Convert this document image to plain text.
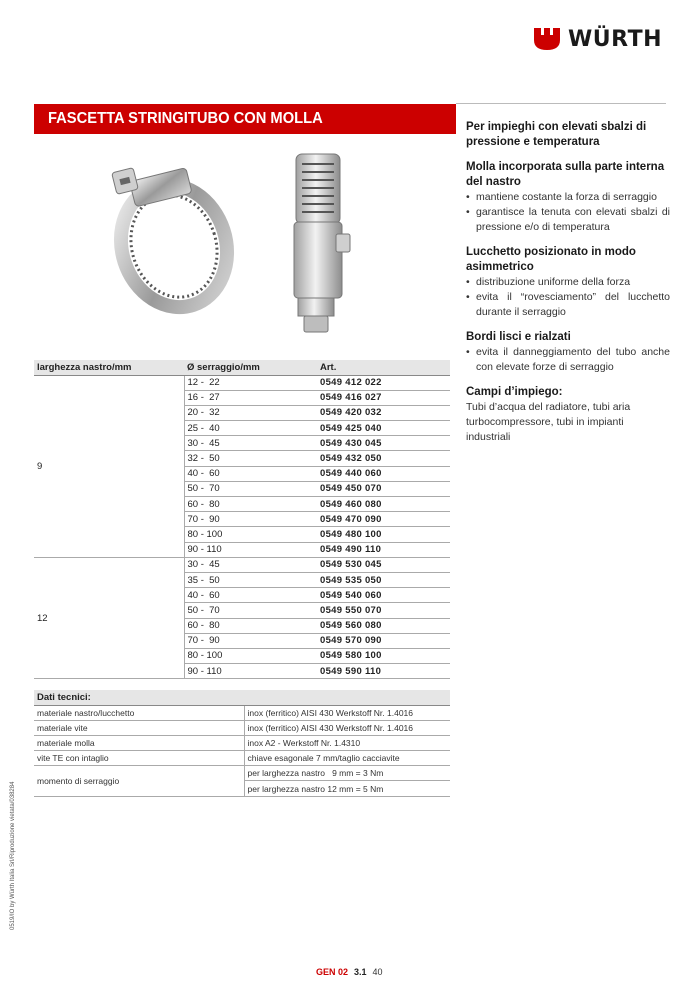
WÜRTH
FASCETTA STRINGITUBO CON MOLLA	Per impieghi con elevati sbalzi di pressione e temperatura
Molla incorporata sulla parte interna del nastro
• mantiene costante la forza di serraggio
• garantisce la tenuta con elevati sbalzi di pressione e/o di temperatura
Lucchetto posizionato in modo asimmetrico
• distribuzione uniforme della forza
• evita il “rovesciamento” del lucchetto durante il serraggio
Bordi lisci e rialzati
• evita il danneggiamento del tubo anche con elevate forze di serraggio
Campi d’impiego:
Tubi d’acqua del radiatore, tubi aria turbocompressore, tubi in impianti industriali
larghezza nastro/mm	Ø serraggio/mm	Art.
9	12 -  22	0549 412 022
	16 -  27	0549 416 027
	20 -  32	0549 420 032
	25 -  40	0549 425 040
	30 -  45	0549 430 045
	32 -  50	0549 432 050
	40 -  60	0549 440 060
	50 -  70	0549 450 070
	60 -  80	0549 460 080
	70 -  90	0549 470 090
	80 - 100	0549 480 100
	90 - 110	0549 490 110
12	30 -  45	0549 530 045
	35 -  50	0549 535 050
	40 -  60	0549 540 060
	50 -  70	0549 550 070
	60 -  80	0549 560 080
	70 -  90	0549 570 090
	80 - 100	0549 580 100
	90 - 110	0549 590 110
Dati tecnici:	
materiale nastro/lucchetto	inox (ferritico) AISI 430 Werkstoff Nr. 1.4016
materiale vite	inox (ferritico) AISI 430 Werkstoff Nr. 1.4016
materiale molla	inox A2 - Werkstoff Nr. 1.4310
vite TE con intaglio	chiave esagonale 7 mm/taglio cacciavite
momento di serraggio	per larghezza nastro   9 mm = 3 Nm
	per larghezza nastro 12 mm = 5 Nm
0519/IO by Würth Italia Srl/Riproduzione vietata/038284
GEN 02 3.1 40
